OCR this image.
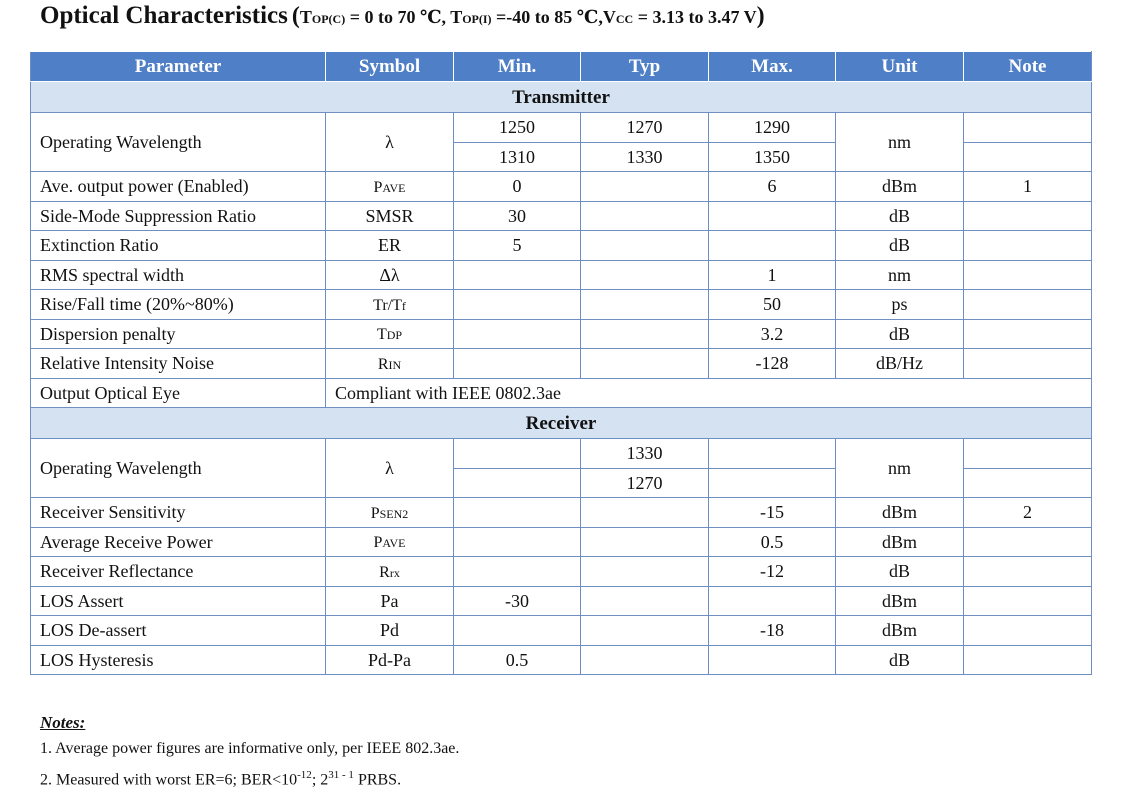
Optical Characteristics (TOP(C) = 0 to 70 ℃, TOP(I) =-40 to 85 ℃,VCC = 3.13 to 3.47 V)
Parameter	Symbol	Min.	Typ	Max.	Unit	Note
Transmitter						
Operating Wavelength	λ	1250	1270	1290	nm	
		1310	1330	1350		
Ave. output power (Enabled)	PAVE	0		6	dBm	1
Side-Mode Suppression Ratio	SMSR	30			dB	
Extinction Ratio	ER	5			dB	
RMS spectral width	Δλ			1	nm	
Rise/Fall time (20%~80%)	Tr/Tf			50	ps	
Dispersion penalty	TDP			3.2	dB	
Relative Intensity Noise	RIN			-128	dB/Hz	
Output Optical Eye	Compliant with IEEE 0802.3ae					
Receiver						
Operating Wavelength	λ		1330		nm	
			1270			
Receiver Sensitivity	PSEN2			-15	dBm	2
Average Receive Power	PAVE			0.5	dBm	
Receiver Reflectance	Rrx			-12	dB	
LOS Assert	Pa	-30			dBm	
LOS De-assert	Pd			-18	dBm	
LOS Hysteresis	Pd-Pa	0.5			dB	
Notes:
1. Average power figures are informative only, per IEEE 802.3ae.
2. Measured with worst ER=6; $BER<10^{-12}$; 2$^{31 - 1}$ PRBS.
